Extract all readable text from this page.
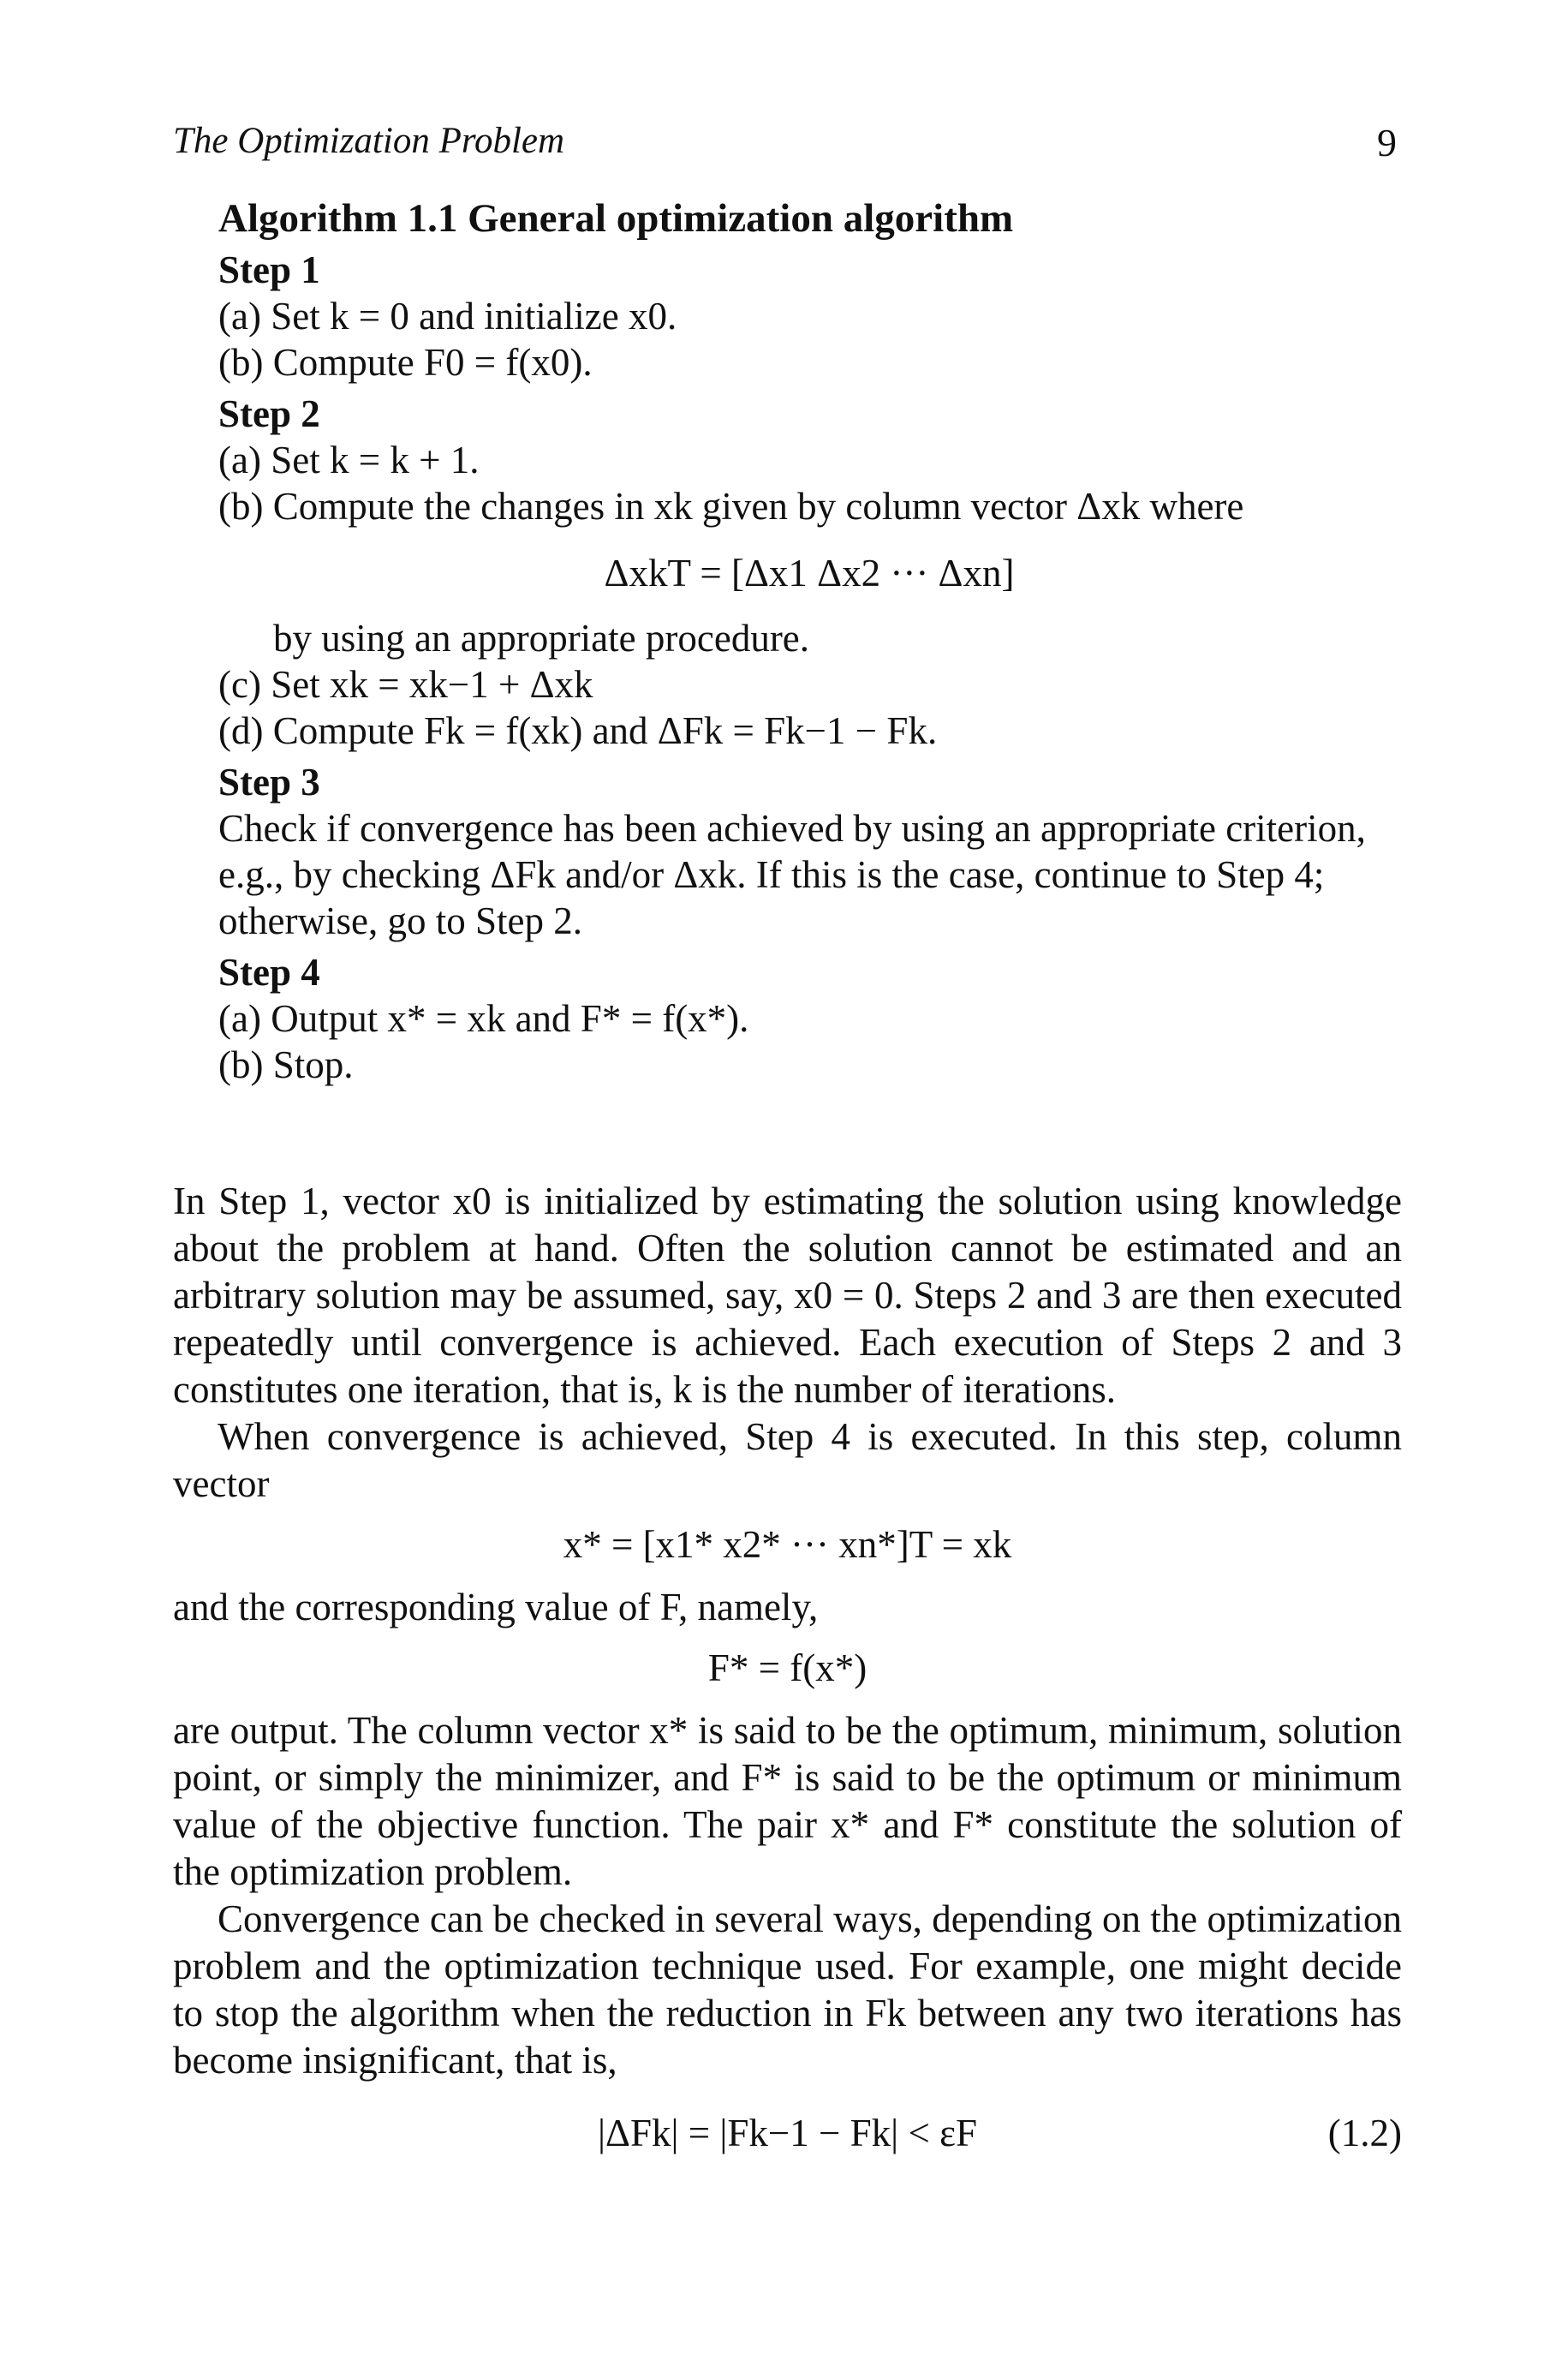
The Optimization Problem	9
Algorithm 1.1 General optimization algorithm
Step 1
(a) Set k = 0 and initialize x0.
(b) Compute F0 = f(x0).
Step 2
(a) Set k = k + 1.
(b) Compute the changes in xk given by column vector Δxk where
ΔxkT = [Δx1 Δx2 ··· Δxn]
by using an appropriate procedure.
(c) Set xk = xk−1 + Δxk
(d) Compute Fk = f(xk) and ΔFk = Fk−1 − Fk.
Step 3
Check if convergence has been achieved by using an appropriate criterion, e.g., by checking ΔFk and/or Δxk. If this is the case, continue to Step 4; otherwise, go to Step 2.
Step 4
(a) Output x* = xk and F* = f(x*).
(b) Stop.

In Step 1, vector x0 is initialized by estimating the solution using knowledge about the problem at hand. Often the solution cannot be estimated and an arbitrary solution may be assumed, say, x0 = 0. Steps 2 and 3 are then executed repeatedly until convergence is achieved. Each execution of Steps 2 and 3 constitutes one iteration, that is, k is the number of iterations.

When convergence is achieved, Step 4 is executed. In this step, column vector

x* = [x1* x2* ··· xn*]T = xk
and the corresponding value of F, namely,
F* = f(x*)
are output. The column vector x* is said to be the optimum, minimum, solution point, or simply the minimizer, and F* is said to be the optimum or minimum value of the objective function. The pair x* and F* constitute the solution of the optimization problem.

Convergence can be checked in several ways, depending on the optimization problem and the optimization technique used. For example, one might decide to stop the algorithm when the reduction in Fk between any two iterations has become insignificant, that is,

|ΔFk| = |Fk−1 − Fk| < εF	(1.2)
